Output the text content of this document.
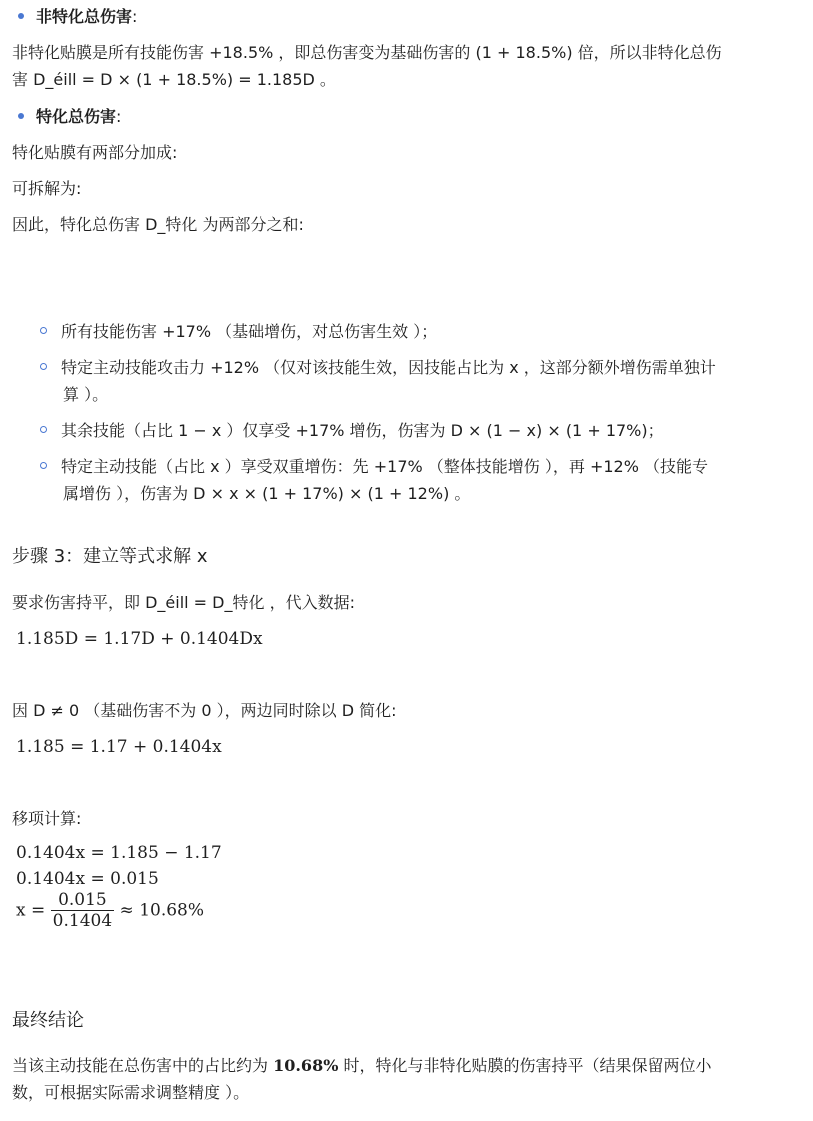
非特化总伤害:
非特化贴膜是所有技能伤害 +18.5% ，即总伤害变为基础伤害的 (1 + 18.5%) 倍，所以非特化总伤
害 D_éill = D × (1 + 18.5%) = 1.185D 。
特化总伤害:
特化贴膜有两部分加成:
可拆解为:
因此，特化总伤害 D_特化 为两部分之和:
所有技能伤害 +17% （基础增伤，对总伤害生效 ）；
特定主动技能攻击力 +12% （仅对该技能生效，因技能占比为 x ，这部分额外增伤需单独计
算 ）。
其余技能（占比 1 − x ）仅享受 +17% 增伤，伤害为 D × (1 − x) × (1 + 17%)；
特定主动技能（占比 x ）享受双重增伤：先 +17% （整体技能增伤 ），再 +12% （技能专
属增伤 ），伤害为 D × x × (1 + 17%) × (1 + 12%) 。
步骤 3：建立等式求解 x
要求伤害持平，即 D_éill = D_特化 ，代入数据:
1.185D = 1.17D + 0.1404Dx
因 D ≠ 0 （基础伤害不为 0 ），两边同时除以 D 简化:
1.185 = 1.17 + 0.1404x
移项计算:
0.1404x = 1.185 − 1.17
0.1404x = 0.015
$x = \frac{0.015}{0.1404} \approx 10.68\%$
最终结论
当该主动技能在总伤害中的占比约为 10.68% 时，特化与非特化贴膜的伤害持平（结果保留两位小
数，可根据实际需求调整精度 ）。
